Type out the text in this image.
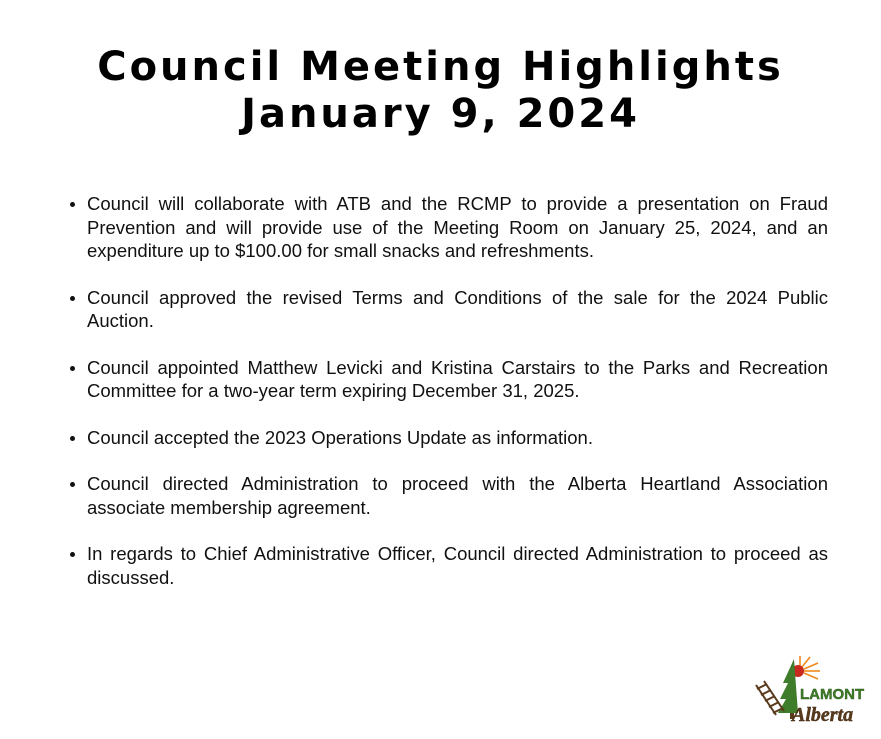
Council Meeting Highlights
January 9, 2024
Council will collaborate with ATB and the RCMP to provide a presentation on Fraud Prevention and will provide use of the Meeting Room on January 25, 2024, and an expenditure up to $100.00 for small snacks and refreshments.
Council approved the revised Terms and Conditions of the sale for the 2024 Public Auction.
Council appointed Matthew Levicki and Kristina Carstairs to the Parks and Recreation Committee for a two-year term expiring December 31, 2025.
Council accepted the 2023 Operations Update as information.
Council directed Administration to proceed with the Alberta Heartland Association associate membership agreement.
In regards to Chief Administrative Officer, Council directed Administration to proceed as discussed.
LAMONT
Alberta
